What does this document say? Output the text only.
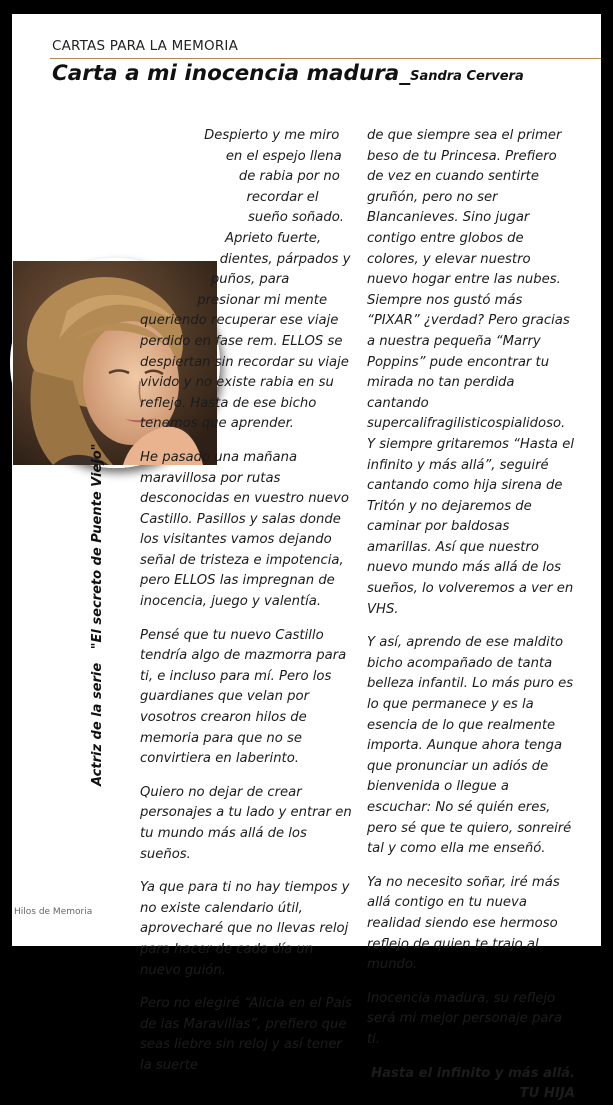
CARTAS PARA LA MEMORIA
Carta a mi inocencia madura_Sandra Cervera
Actriz de la serie   "El secreto de Puente Viejo"

Despierto y me miro en el espejo llena de rabia por no recordar el sueño soñado. Aprieto fuerte, dientes, párpados y puños, para presionar mi mente queriendo recuperar ese viaje perdido en fase rem. ELLOS se despiertan sin recordar su viaje vivido y no existe rabia en su reflejo. Hasta de ese bicho tenemos que aprender.

He pasado una mañana maravillosa por rutas desconocidas en vuestro nuevo Castillo. Pasillos y salas donde los visitantes vamos dejando señal de tristeza e impotencia, pero ELLOS las impregnan de inocencia, juego y valentía.

Pensé que tu nuevo Castillo tendría algo de mazmorra para ti, e incluso para mí. Pero los guardianes que velan por vosotros crearon hilos de memoria para que no se convirtiera en laberinto.

Quiero no dejar de crear personajes a tu lado y entrar en tu mundo más allá de los sueños.

Ya que para ti no hay tiempos y no existe calendario útil, aprovecharé que no llevas reloj para hacer de cada día un nuevo guión.

Pero no elegiré “Alicia en el País de las Maravillas”, prefiero que seas liebre sin reloj y así tener la suerte

de que siempre sea el primer beso de tu Princesa. Prefiero de vez en cuando sentirte gruñón, pero no ser Blancanieves. Sino jugar contigo entre globos de colores, y elevar nuestro nuevo hogar entre las nubes. Siempre nos gustó más “PIXAR” ¿verdad? Pero gracias a nuestra pequeña “Marry Poppins” pude encontrar tu mirada no tan perdida cantando supercalifragilisticospialidoso. Y siempre gritaremos “Hasta el infinito y más allá”, seguiré cantando como hija sirena de Tritón y no dejaremos de caminar por baldosas amarillas. Así que nuestro nuevo mundo más allá de los sueños, lo volveremos a ver en VHS.

Y así, aprendo de ese maldito bicho acompañado de tanta belleza infantil. Lo más puro es lo que permanece y es la esencia de lo que realmente importa. Aunque ahora tenga que pronunciar un adiós de bienvenida o llegue a escuchar: No sé quién eres, pero sé que te quiero, sonreiré tal y como ella me enseñó.

Ya no necesito soñar, iré más allá contigo en tu nueva realidad siendo ese hermoso reflejo de quien te trajo al mundo.

Inocencia madura, su reflejo será mi mejor personaje para ti.

Hasta el infinito y más allá.
TU HIJA
Hilos de Memoria
